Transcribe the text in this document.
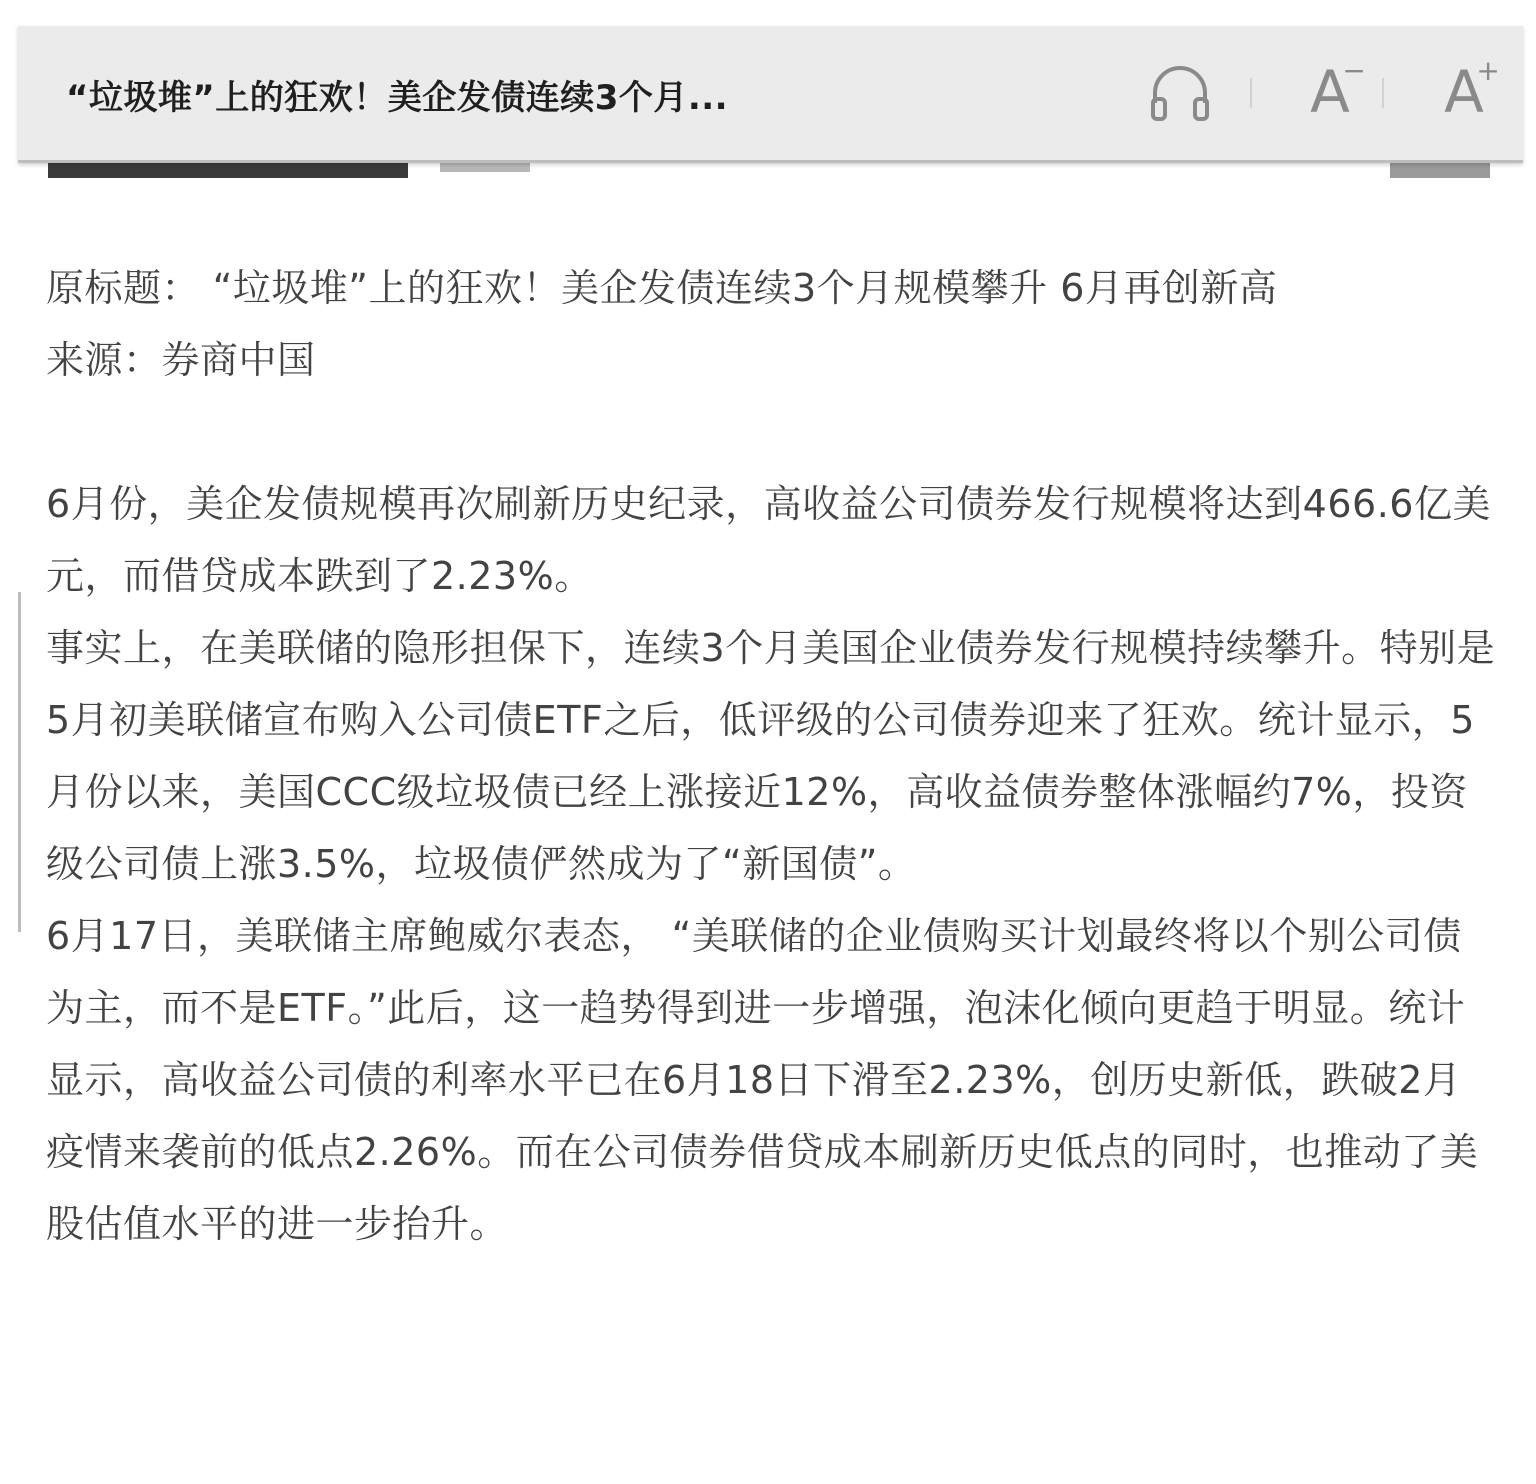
“垃圾堆”上的狂欢！美企发债连续3个月...	A
− A
+

原标题： “垃圾堆”上的狂欢！美企发债连续3个月规模攀升 6月再创新高

来源：券商中国

6月份，美企发债规模再次刷新历史纪录，高收益公司债券发行规模将达到466.6亿美元，而借贷成本跌到了2.23%。

事实上，在美联储的隐形担保下，连续3个月美国企业债券发行规模持续攀升。特别是5月初美联储宣布购入公司债ETF之后，低评级的公司债券迎来了狂欢。统计显示，5月份以来，美国CCC级垃圾债已经上涨接近12%，高收益债券整体涨幅约7%，投资级公司债上涨3.5%，垃圾债俨然成为了“新国债”。

6月17日，美联储主席鲍威尔表态， “美联储的企业债购买计划最终将以个别公司债为主，而不是ETF。”此后，这一趋势得到进一步增强，泡沫化倾向更趋于明显。统计显示，高收益公司债的利率水平已在6月18日下滑至2.23%，创历史新低，跌破2月疫情来袭前的低点2.26%。而在公司债券借贷成本刷新历史低点的同时，也推动了美股估值水平的进一步抬升。
